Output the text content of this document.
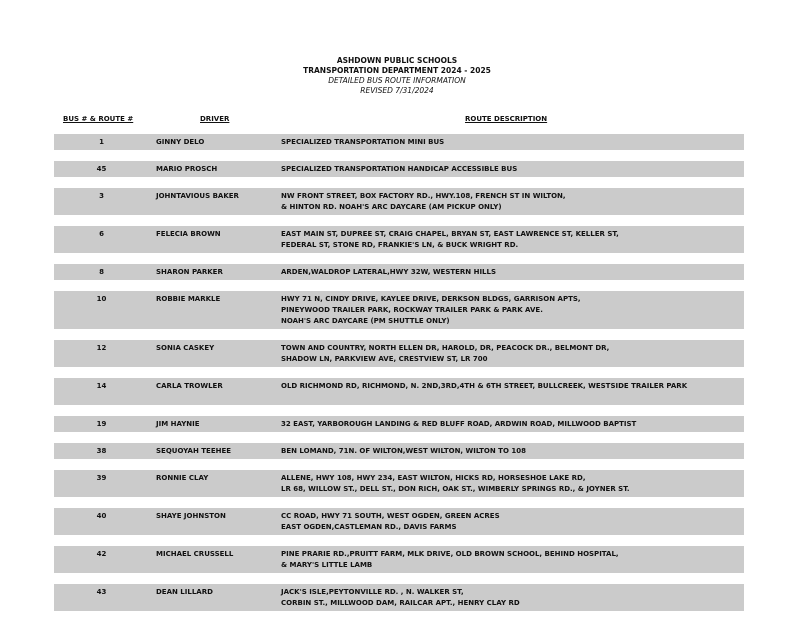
ASHDOWN PUBLIC SCHOOLS
TRANSPORTATION DEPARTMENT 2024 - 2025
DETAILED BUS ROUTE INFORMATION
REVISED 7/31/2024
BUS # & ROUTE #	DRIVER	ROUTE DESCRIPTION
1	GINNY DELO	SPECIALIZED TRANSPORTATION MINI BUS
45	MARIO PROSCH	SPECIALIZED TRANSPORTATION HANDICAP ACCESSIBLE BUS
3	JOHNTAVIOUS BAKER	NW FRONT STREET, BOX FACTORY RD., HWY.108, FRENCH ST IN WILTON,
& HINTON RD. NOAH'S ARC DAYCARE (AM PICKUP ONLY)
6	FELECIA BROWN	EAST MAIN ST, DUPREE ST, CRAIG CHAPEL, BRYAN ST, EAST LAWRENCE ST, KELLER ST,
FEDERAL ST, STONE RD, FRANKIE'S LN, & BUCK WRIGHT RD.
8	SHARON PARKER	ARDEN,WALDROP LATERAL,HWY 32W, WESTERN HILLS
10	ROBBIE MARKLE	HWY 71 N, CINDY DRIVE, KAYLEE DRIVE, DERKSON BLDGS, GARRISON APTS,
PINEYWOOD TRAILER PARK, ROCKWAY TRAILER PARK & PARK AVE.
NOAH'S ARC DAYCARE (PM SHUTTLE ONLY)
12	SONIA CASKEY	TOWN AND COUNTRY, NORTH ELLEN DR, HAROLD, DR, PEACOCK DR., BELMONT DR,
SHADOW LN, PARKVIEW AVE, CRESTVIEW ST, LR 700
14	CARLA TROWLER	OLD RICHMOND RD, RICHMOND, N. 2ND,3RD,4TH & 6TH STREET, BULLCREEK, WESTSIDE TRAILER PARK

19	JIM HAYNIE	32 EAST, YARBOROUGH LANDING & RED BLUFF ROAD, ARDWIN ROAD, MILLWOOD BAPTIST
38	SEQUOYAH TEEHEE	BEN LOMAND, 71N. OF WILTON,WEST WILTON, WILTON TO 108
39	RONNIE CLAY	ALLENE, HWY 108, HWY 234, EAST WILTON, HICKS RD, HORSESHOE LAKE RD,
LR 68, WILLOW ST., DELL ST., DON RICH, OAK ST., WIMBERLY SPRINGS RD., & JOYNER ST.
40	SHAYE JOHNSTON	CC ROAD, HWY 71 SOUTH, WEST OGDEN, GREEN ACRES
EAST OGDEN,CASTLEMAN RD., DAVIS FARMS
42	MICHAEL CRUSSELL	PINE PRARIE RD.,PRUITT FARM, MLK DRIVE, OLD BROWN SCHOOL, BEHIND HOSPITAL,
& MARY'S LITTLE LAMB
43	DEAN LILLARD	JACK'S ISLE,PEYTONVILLE RD. , N. WALKER ST,
CORBIN ST., MILLWOOD DAM, RAILCAR APT., HENRY CLAY RD
